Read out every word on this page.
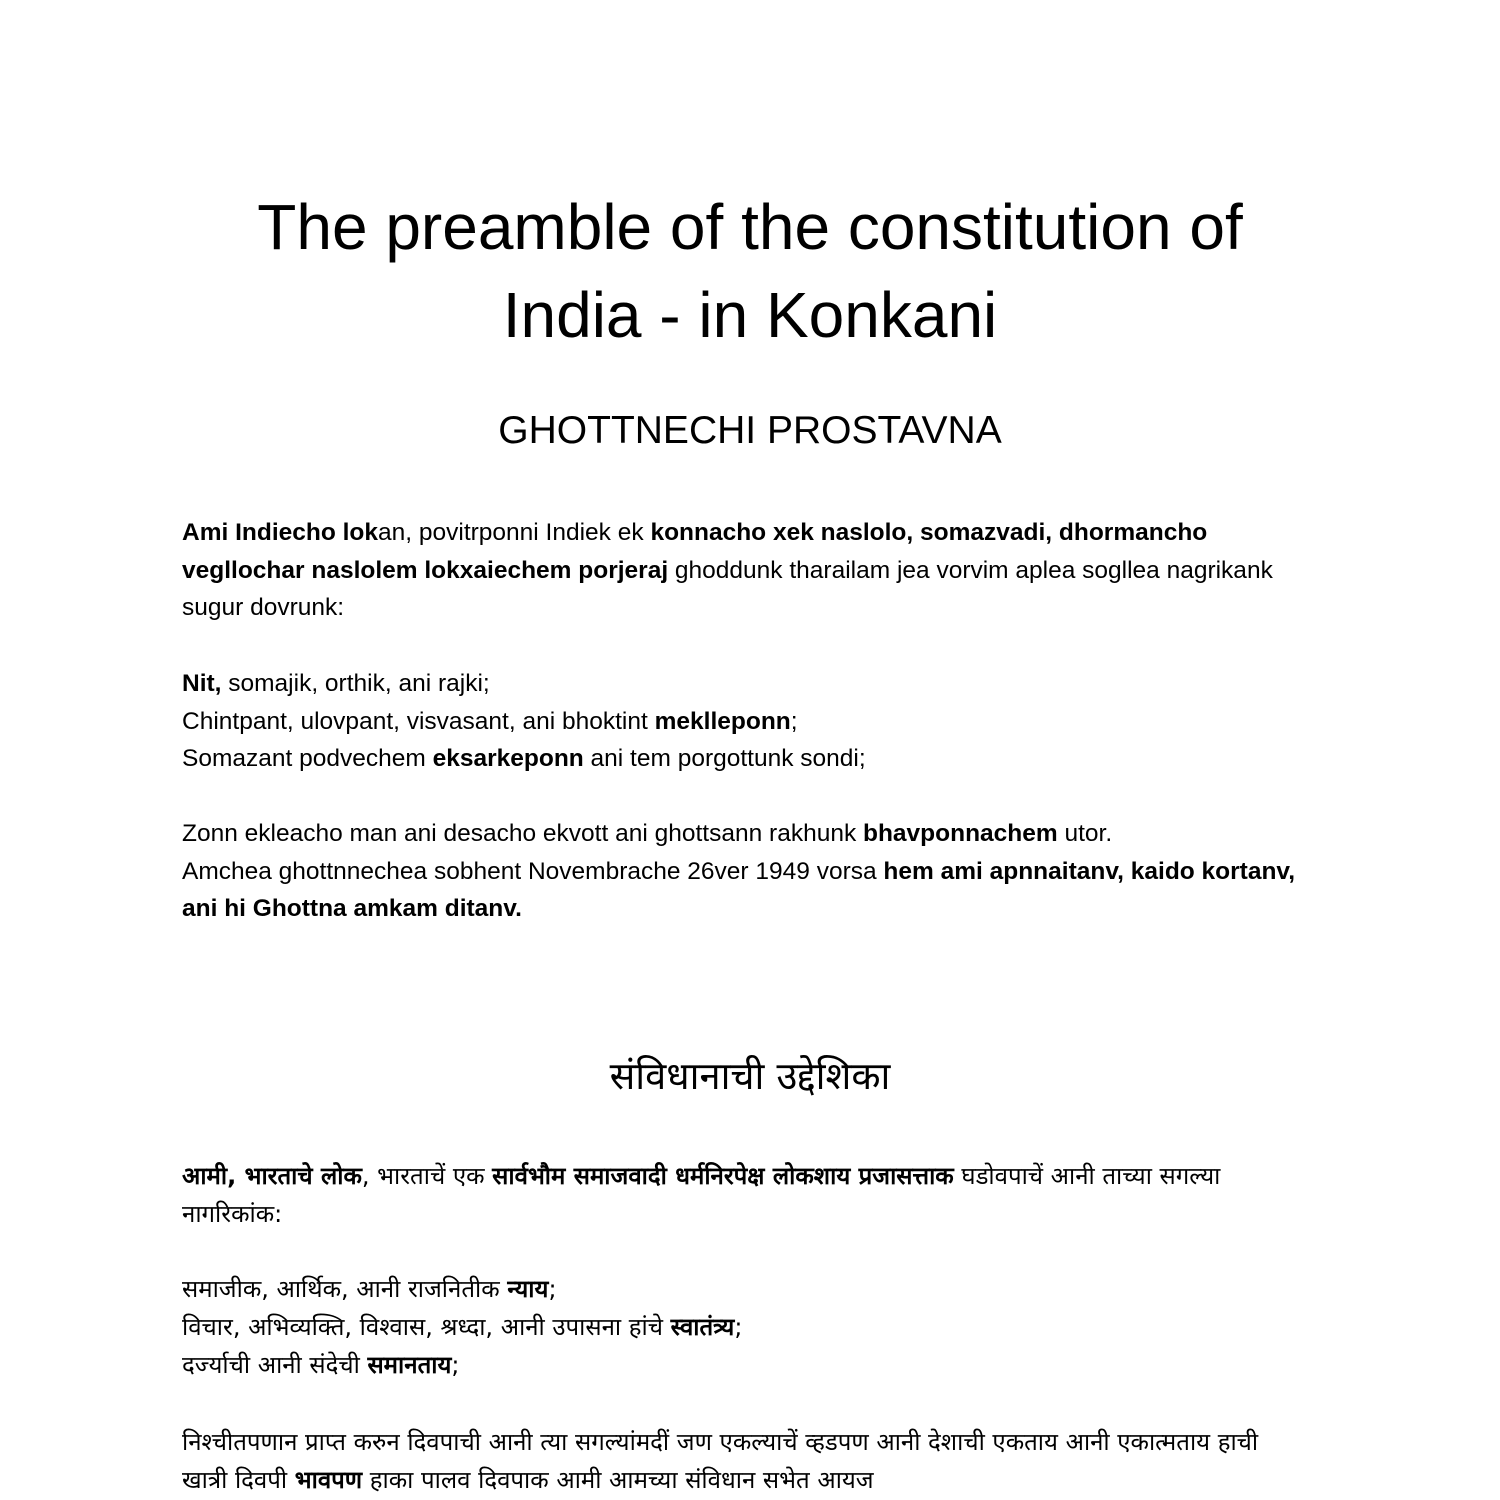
The preamble of the constitution of
India - in Konkani
GHOTTNECHI PROSTAVNA

Ami Indiecho lokan, povitrponni Indiek ek konnacho xek naslolo, somazvadi, dhormancho vegllochar naslolem lokxaiechem porjeraj ghoddunk tharailam jea vorvim aplea sogllea nagrikank sugur dovrunk:

Nit, somajik, orthik, ani rajki;
Chintpant, ulovpant, visvasant, ani bhoktint meklleponn;
Somazant podvechem eksarkeponn ani tem porgottunk sondi;

Zonn ekleacho man ani desacho ekvott ani ghottsann rakhunk bhavponnachem utor.
Amchea ghottnnechea sobhent Novembrache 26ver 1949 vorsa hem ami apnnaitanv, kaido kortanv, ani hi Ghottna amkam ditanv.

संविधानाची उद्देशिका

आमी, भारताचे लोक, भारताचें एक सार्वभौम समाजवादी धर्मनिरपेक्ष लोकशाय प्रजासत्ताक घडोवपाचें आनी ताच्या सगल्या नागरिकांक:

समाजीक, आर्थिक, आनी राजनितीक न्याय;
विचार, अभिव्यक्ति, विश्वास, श्रध्दा, आनी उपासना हांचे स्वातंत्र्य;
दर्ज्याची आनी संदेची समानताय;

निश्चीतपणान प्राप्त करुन दिवपाची आनी त्या सगल्यांमदीं जण एकल्याचें व्हडपण आनी देशाची एकताय आनी एकात्मताय हाची खात्री दिवपी भावपण हाका पालव दिवपाक आमी आमच्या संविधान सभेत आयज
